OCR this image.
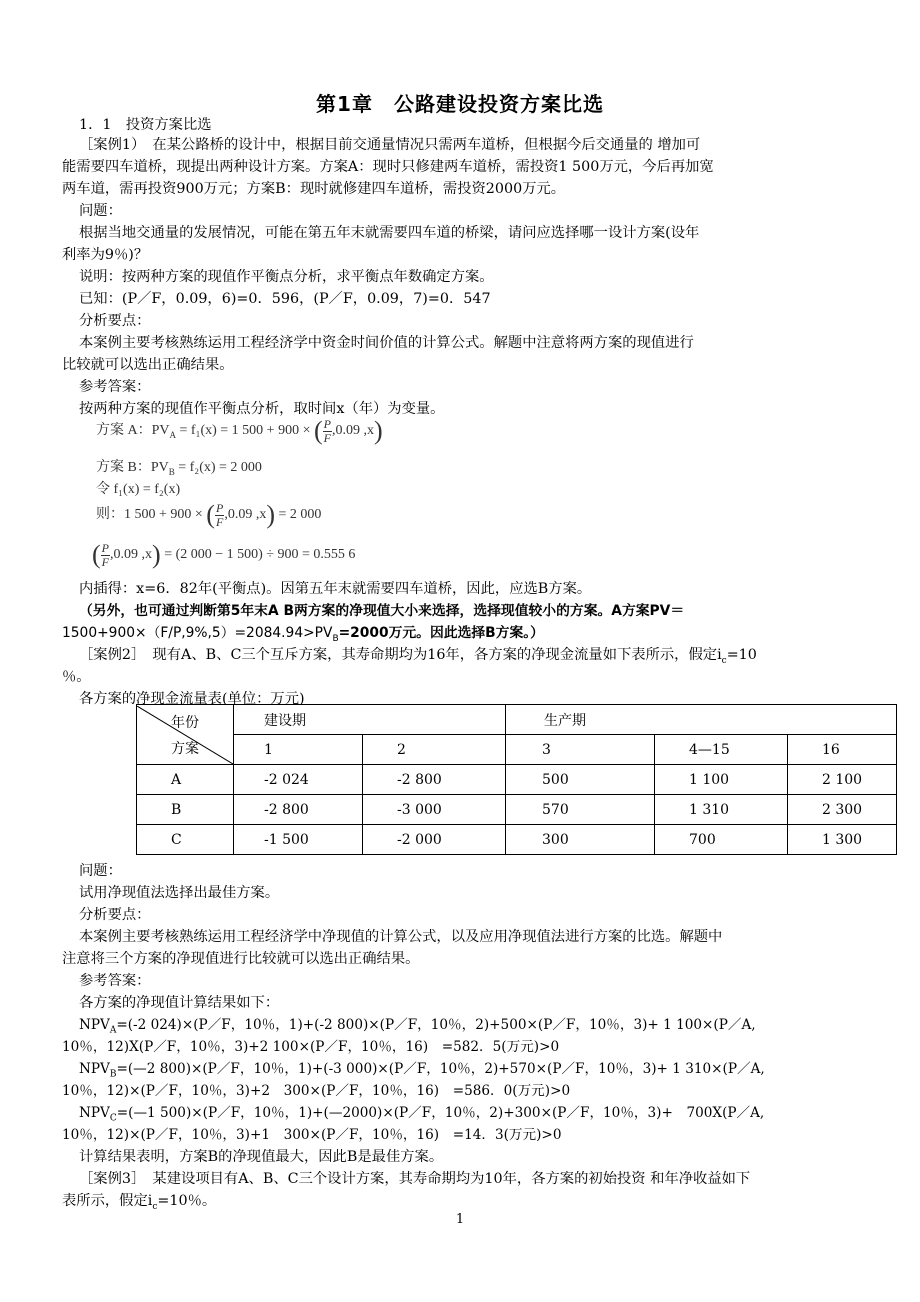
第1章　公路建设投资方案比选
1．1　投资方案比选
［案例1）　在某公路桥的设计中，根据目前交通量情况只需两车道桥，但根据今后交通量的 增加可
能需要四车道桥，现提出两种设计方案。方案A：现时只修建两车道桥，需投资1 500万元，今后再加宽
两车道，需再投资900万元；方案B：现时就修建四车道桥，需投资2000万元。
问题：
根据当地交通量的发展情况，可能在第五年末就需要四车道的桥梁，请问应选择哪一设计方案(设年
利率为9％)？
说明：按两种方案的现值作平衡点分析，求平衡点年数确定方案。
已知：(P／F，0.09，6)=0．596，(P／F，0.09，7)=0．547
分析要点：
本案例主要考核熟练运用工程经济学中资金时间价值的计算公式。解题中注意将两方案的现值进行
比较就可以选出正确结果。
参考答案：
按两种方案的现值作平衡点分析，取时间x（年）为变量。
方案 A：$PV_A = f_1(x) = 1$ 500 + 900 × ( $\frac{P}{F} ,0.09$ ,x)
方案 B：$PV_B = f_2(x) = 2$ 000
令 f₁(x) = f₂(x)
则：1 500 + 900 × ( $\frac{P}{F} ,0.09$ ,x) = 2 000
( $\frac{P}{F} ,0.09$ ,x) = (2 000 − 1 500) ÷ 900 = 0.555 6
内插得：x=6．82年(平衡点)。因第五年末就需要四车道桥，因此，应选B方案。
（另外，也可通过判断第5年末A B两方案的净现值大小来选择，选择现值较小的方案。A方案PV＝
$1500+900\times(F/P,9\%,5)=2084.94>PV_B=2000$万元。因此选择B方案。）
［案例2］　现有A、B、C三个互斥方案，其寿命期均为16年，各方案的净现金流量如下表所示，假定$i_c=10$
％。
各方案的净现金流量表(单位：万元)
年份
方案	建设期		生产期		
	1	2	3	4—15	16
A	-2 024	-2 800	500	1 100	2 100
B	-2 800	-3 000	570	1 310	2 300
C	-1 500	-2 000	300	700	1 300
问题：
试用净现值法选择出最佳方案。
分析要点：
本案例主要考核熟练运用工程经济学中净现值的计算公式，以及应用净现值法进行方案的比选。解题中
注意将三个方案的净现值进行比较就可以选出正确结果。
参考答案：
各方案的净现值计算结果如下：
$NPV_A=(-2$ 024)×(P／F，10％，1)+(-2 800)×(P／F，10％，2)+500×(P／F，10％，3)+ 1 100×(P／A,
10％，12)X(P／F，10％，3)+2 100×(P／F，10％，16)　=582．5(万元)>0
$NPV_B=(—2$ 800)×(P／F，10％，1)+(-3 000)×(P／F，10％，2)+570×(P／F，10％，3)+ 1 310×(P／A,
10％，12)×(P／F，10％，3)+2　300×(P／F，10％，16)　=586．0(万元)>0
$NPV_C=(—1$ 500)×(P／F，10％，1)+(—2000)×(P／F，10％，2)+300×(P／F，10％，3)+　700X(P／A,
10％，12)×(P／F，10％，3)+1　300×(P／F，10％，16)　=14．3(万元)>0
计算结果表明，方案B的净现值最大，因此B是最佳方案。
［案例3］　某建设项目有A、B、C三个设计方案，其寿命期均为10年，各方案的初始投资 和年净收益如下
表所示，假定$i_c=10$％。
1
